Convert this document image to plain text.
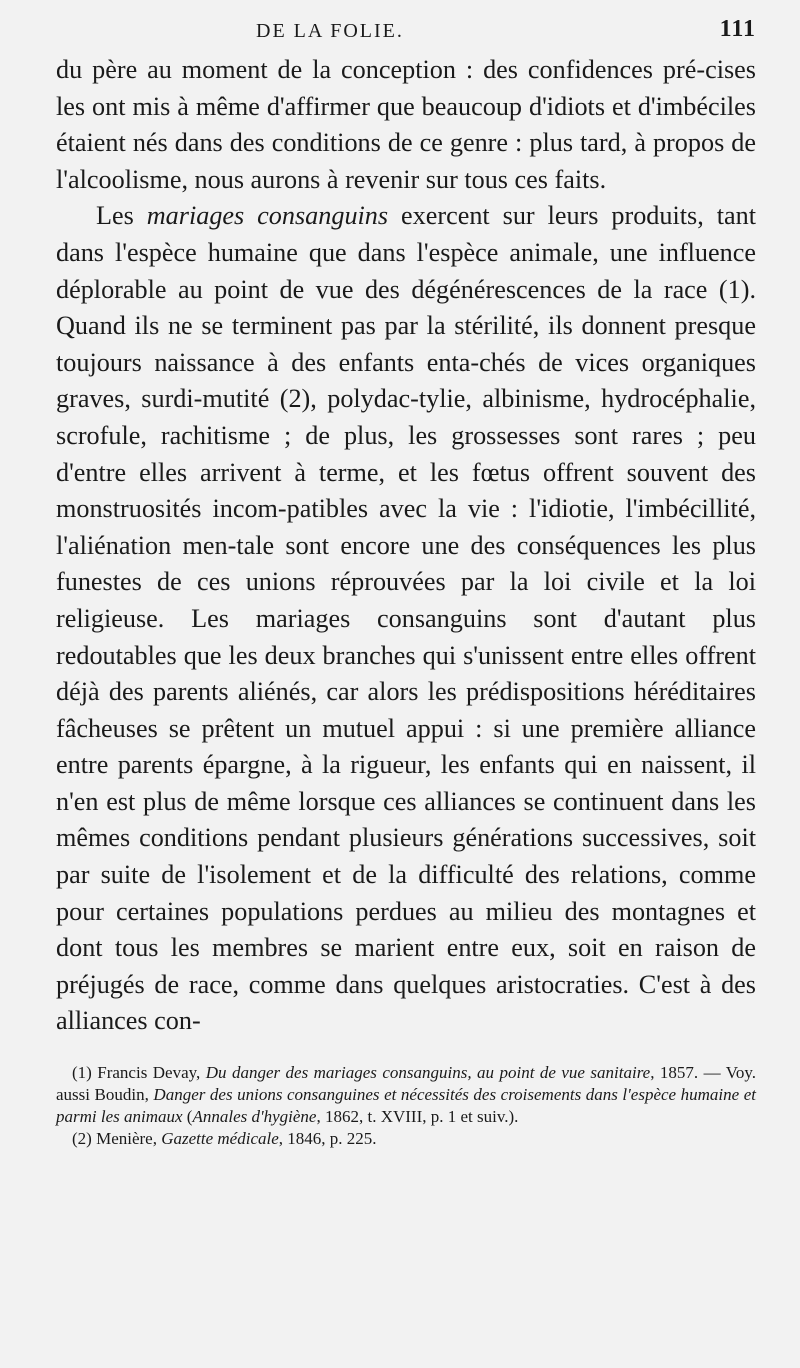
DE LA FOLIE.	111

du père au moment de la conception : des confidences pré-cises les ont mis à même d'affirmer que beaucoup d'idiots et d'imbéciles étaient nés dans des conditions de ce genre : plus tard, à propos de l'alcoolisme, nous aurons à revenir sur tous ces faits.

Les mariages consanguins exercent sur leurs produits, tant dans l'espèce humaine que dans l'espèce animale, une influence déplorable au point de vue des dégénérescences de la race (1). Quand ils ne se terminent pas par la stérilité, ils donnent presque toujours naissance à des enfants enta-chés de vices organiques graves, surdi-mutité (2), polydac-tylie, albinisme, hydrocéphalie, scrofule, rachitisme ; de plus, les grossesses sont rares ; peu d'entre elles arrivent à terme, et les fœtus offrent souvent des monstruosités incom-patibles avec la vie : l'idiotie, l'imbécillité, l'aliénation men-tale sont encore une des conséquences les plus funestes de ces unions réprouvées par la loi civile et la loi religieuse. Les mariages consanguins sont d'autant plus redoutables que les deux branches qui s'unissent entre elles offrent déjà des parents aliénés, car alors les prédispositions héréditaires fâcheuses se prêtent un mutuel appui : si une première alliance entre parents épargne, à la rigueur, les enfants qui en naissent, il n'en est plus de même lorsque ces alliances se continuent dans les mêmes conditions pendant plusieurs générations successives, soit par suite de l'isolement et de la difficulté des relations, comme pour certaines populations perdues au milieu des montagnes et dont tous les membres se marient entre eux, soit en raison de préjugés de race, comme dans quelques aristocraties. C'est à des alliances con-

(1) Francis Devay, Du danger des mariages consanguins, au point de vue sanitaire, 1857. — Voy. aussi Boudin, Danger des unions consanguines et nécessités des croisements dans l'espèce humaine et parmi les animaux (Annales d'hygiène, 1862, t. XVIII, p. 1 et suiv.).

(2) Menière, Gazette médicale, 1846, p. 225.
